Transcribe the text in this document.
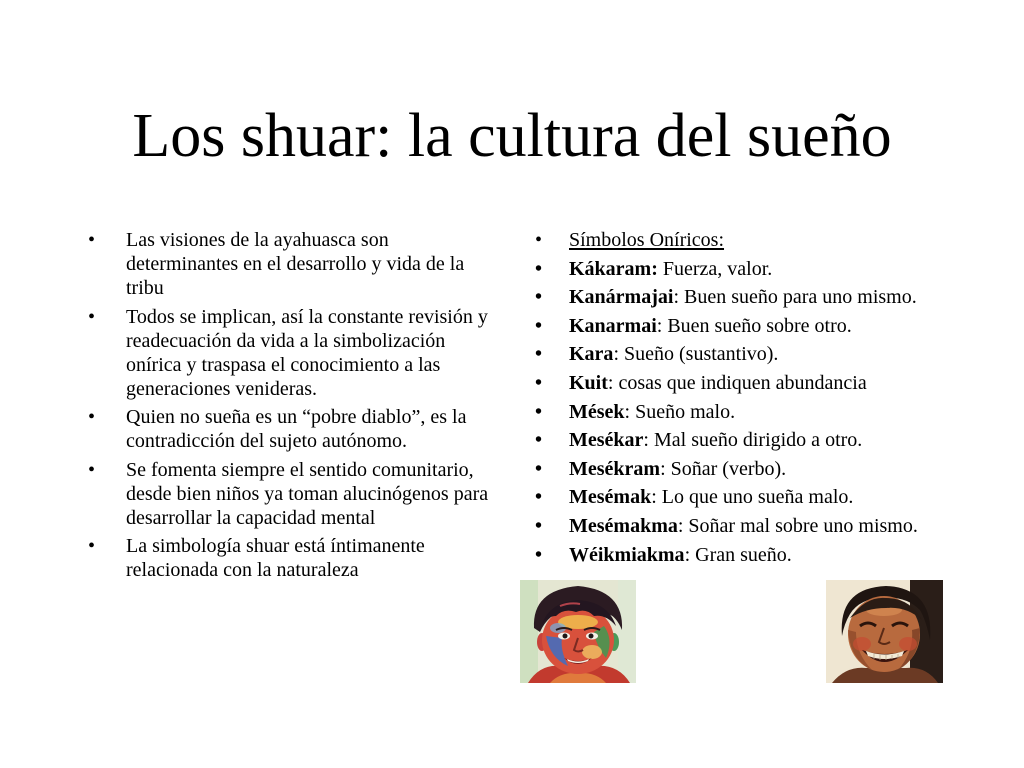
Los shuar: la cultura del sueño
• Las visiones de la ayahuasca son determinantes en el desarrollo y vida de la tribu
• Todos se implican, así la constante revisión y readecuación da vida a la simbolización onírica y traspasa el conocimiento a las generaciones venideras.
• Quien no sueña es un “pobre diablo”, es la contradicción del sujeto autónomo.
• Se fomenta siempre el sentido comunitario, desde bien niños ya toman alucinógenos para desarrollar la capacidad mental
• La simbología shuar está íntimanente relacionada con la naturaleza
• Símbolos Oníricos:
• Kákaram: Fuerza, valor.
• Kanármajai: Buen sueño para uno mismo.
• Kanarmai: Buen sueño sobre otro.
• Kara: Sueño (sustantivo).
• Kuit: cosas que indiquen abundancia
• Mések: Sueño malo.
• Mesékar: Mal sueño dirigido a otro.
• Mesékram: Soñar (verbo).
• Mesémak: Lo que uno sueña malo.
• Mesémakma: Soñar mal sobre uno mismo.
• Wéikmiakma: Gran sueño.
